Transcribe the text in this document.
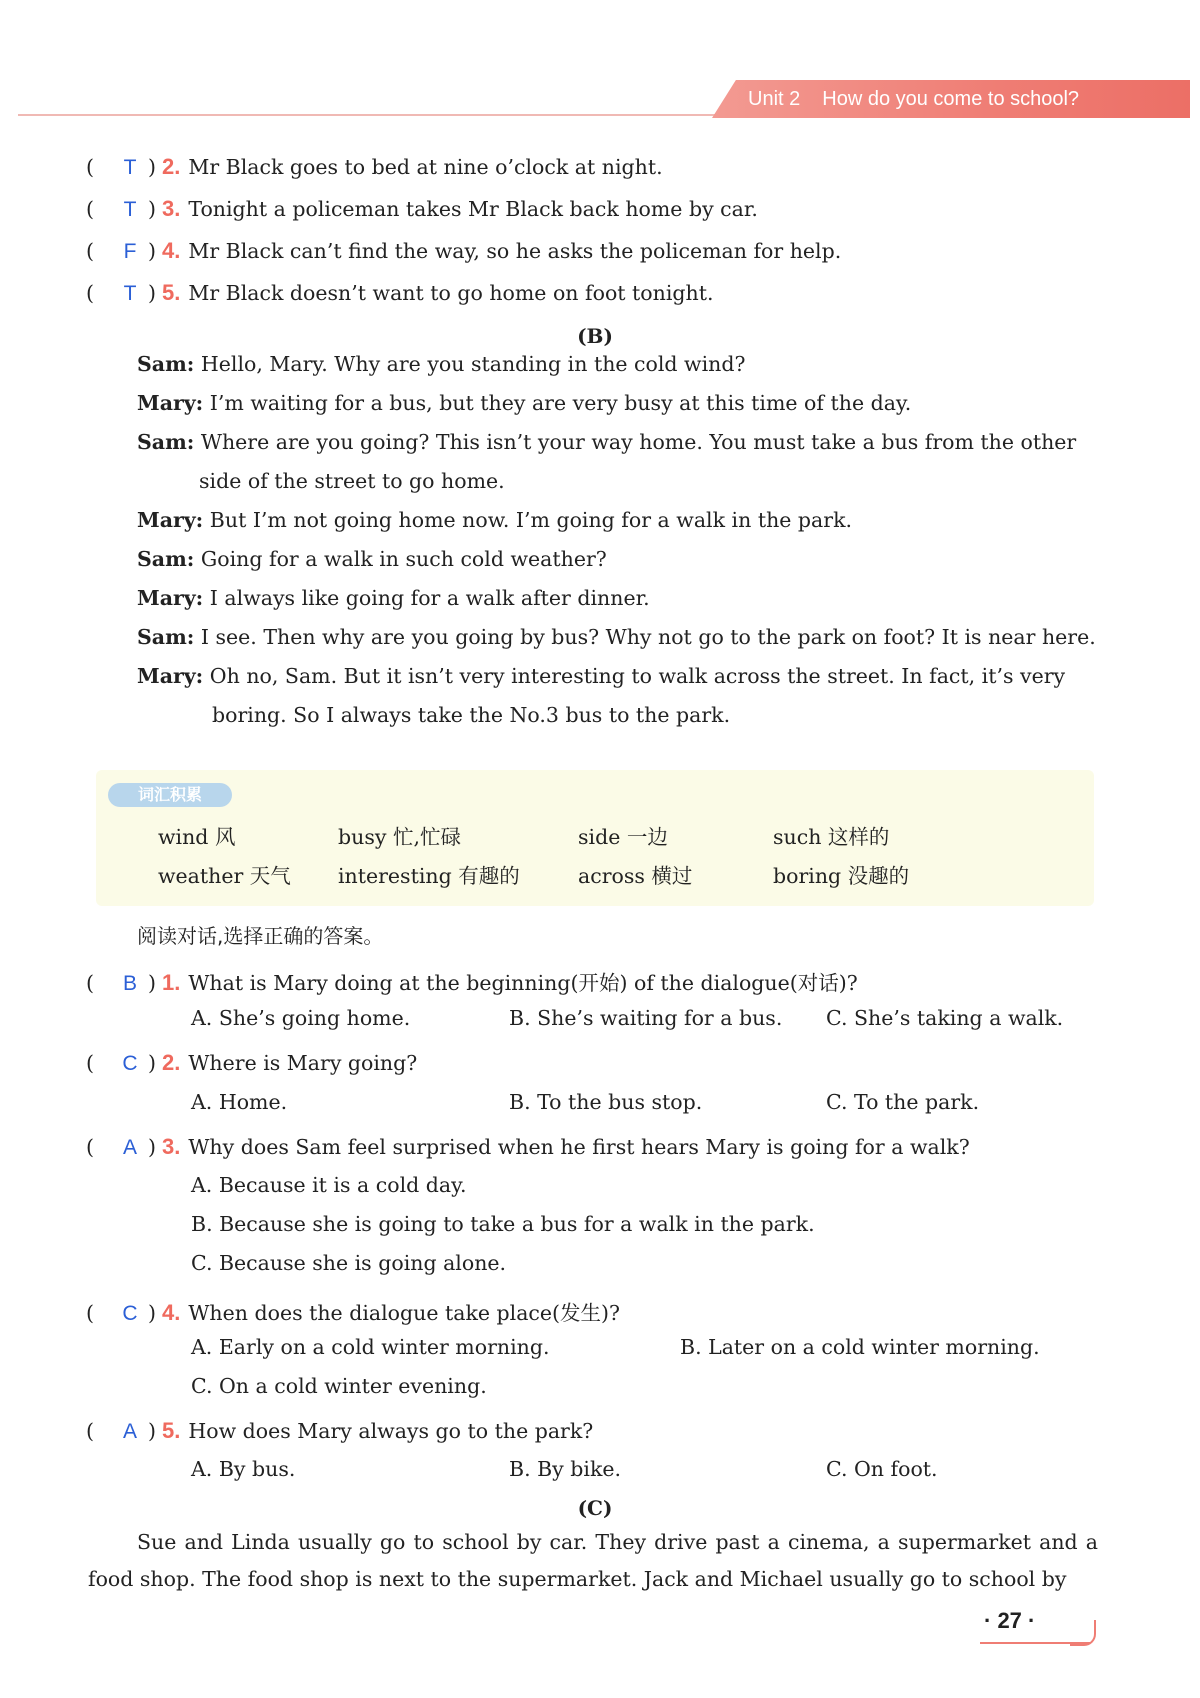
Unit 2 How do you come to school?
( T ) 2. Mr Black goes to bed at nine o’clock at night.
( T ) 3. Tonight a policeman takes Mr Black back home by car.
( F ) 4. Mr Black can’t find the way, so he asks the policeman for help.
( T ) 5. Mr Black doesn’t want to go home on foot tonight.
(B)
Sam: Hello, Mary. Why are you standing in the cold wind?
Mary: I’m waiting for a bus, but they are very busy at this time of the day.
Sam: Where are you going? This isn’t your way home. You must take a bus from the other
side of the street to go home.
Mary: But I’m not going home now. I’m going for a walk in the park.
Sam: Going for a walk in such cold weather?
Mary: I always like going for a walk after dinner.
Sam: I see. Then why are you going by bus? Why not go to the park on foot? It is near here.
Mary: Oh no, Sam. But it isn’t very interesting to walk across the street. In fact, it’s very
boring. So I always take the No.3 bus to the park.
词汇积累
wind 风	busy 忙,忙碌	side 一边	such 这样的
weather 天气 interesting 有趣的	across 横过	boring 没趣的
阅读对话,选择正确的答案。
( B ) 1. What is Mary doing at the beginning(开始) of the dialogue(对话)?
A. She’s going home.	B. She’s waiting for a bus. C. She’s taking a walk.
( C ) 2. Where is Mary going?
A. Home.	B. To the bus stop.	C. To the park.
( A ) 3. Why does Sam feel surprised when he first hears Mary is going for a walk?
A. Because it is a cold day.
B. Because she is going to take a bus for a walk in the park.
C. Because she is going alone.
( C ) 4. When does the dialogue take place(发生)?
A. Early on a cold winter morning.	B. Later on a cold winter morning.
C. On a cold winter evening.
( A ) 5. How does Mary always go to the park?
A. By bus.	B. By bike.	C. On foot.
(C)
Sue and Linda usually go to school by car. They drive past a cinema, a supermarket and a food shop. The food shop is next to the supermarket. Jack and Michael usually go to school by
· 27 ·
